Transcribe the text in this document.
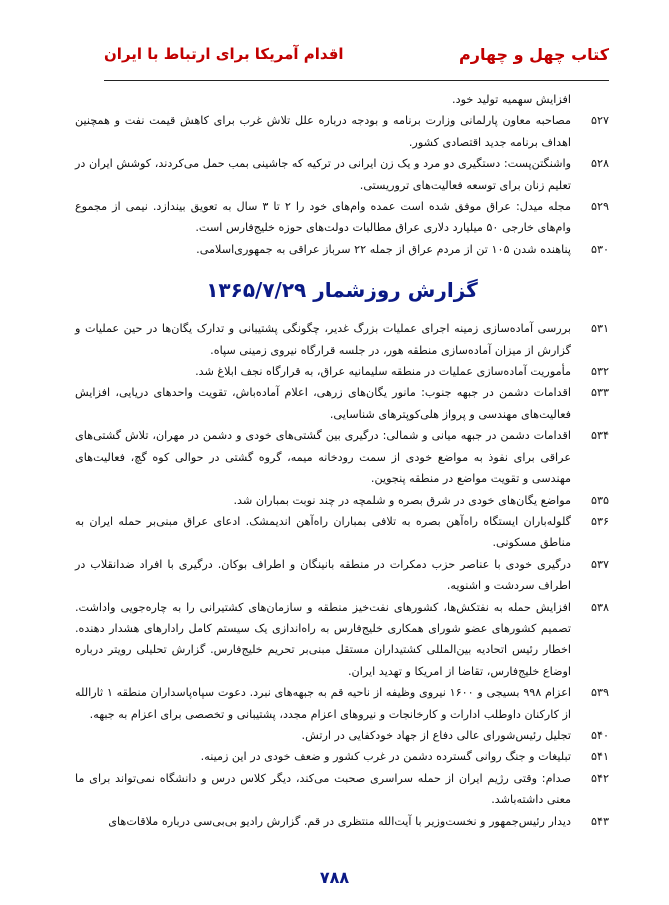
کتاب چهل و چهارم
اقدام آمریکا برای ارتباط با ایران
افزایش سهمیه تولید خود.
۵۲۷
مصاحبه معاون پارلمانی وزارت برنامه و بودجه درباره علل تلاش غرب برای کاهش قیمت نفت و همچنین اهداف برنامه جدید اقتصادی کشور.
۵۲۸
واشنگتن‌پست: دستگیری دو مرد و یک زن ایرانی در ترکیه که جاشینی بمب حمل می‌کردند، کوشش ایران در تعلیم زنان برای توسعه فعالیت‌های تروریستی.
۵۲۹
مجله میدل: عراق موفق شده است عمده وام‌های خود را ۲ تا ۳ سال به تعویق بیندازد. نیمی از مجموع وام‌های خارجی ۵۰ میلیارد دلاری عراق مطالبات دولت‌های حوزه خلیج‌فارس است.
۵۳۰
پناهنده شدن ۱۰۵ تن از مردم عراق از جمله ۲۲ سرباز عراقی به جمهوری‌اسلامی.
گزارش روزشمار ۱۳۶۵/۷/۲۹
۵۳۱
بررسی آماده‌سازی زمینه اجرای عملیات بزرگ غدیر، چگونگی پشتیبانی و تدارک یگان‌ها در حین عملیات و گزارش از میزان آماده‌سازی منطقه هور، در جلسه قرارگاه نیروی زمینی سپاه.
۵۳۲
مأموریت آماده‌سازی عملیات در منطقه سلیمانیه عراق، به قرارگاه نجف ابلاغ شد.
۵۳۳
اقدامات دشمن در جبهه جنوب: مانور یگان‌های زرهی، اعلام آماده‌باش، تقویت واحدهای دریایی، افزایش فعالیت‌های مهندسی و پرواز هلی‌کوپترهای شناسایی.
۵۳۴
اقدامات دشمن در جبهه میانی و شمالی: درگیری بین گشتی‌های خودی و دشمن در مهران، تلاش گشتی‌های عراقی برای نفوذ به مواضع خودی از سمت رودخانه میمه، گروه گشتی در حوالی کوه گچ، فعالیت‌های مهندسی و تقویت مواضع در منطقه پنجوین.
۵۳۵
مواضع یگان‌های خودی در شرق بصره و شلمچه در چند نوبت بمباران شد.
۵۳۶
گلوله‌باران ایستگاه راه‌آهن بصره به تلافی بمباران راه‌آهن اندیمشک. ادعای عراق مبنی‌بر حمله ایران به مناطق مسکونی.
۵۳۷
درگیری خودی با عناصر حزب دمکرات در منطقه بانینگان و اطراف بوکان. درگیری با افراد ضدانقلاب در اطراف سردشت و اشنویه.
۵۳۸
افزایش حمله به نفتکش‌ها، کشورهای نفت‌خیز منطقه و سازمان‌های کشتیرانی را به چاره‌جویی واداشت. تصمیم کشورهای عضو شورای همکاری خلیج‌فارس به راه‌اندازی یک سیستم کامل رادارهای هشدار دهنده. اخطار رئیس اتحادیه بین‌المللی کشتیداران مستقل مبنی‌بر تحریم خلیج‌فارس. گزارش تحلیلی رویتر درباره اوضاع خلیج‌فارس، تقاضا از امریکا و تهدید ایران.
۵۳۹
اعزام ۹۹۸ بسیجی و ۱۶۰۰ نیروی وظیفه از ناحیه قم به جبهه‌های نبرد. دعوت سپاه‌پاسداران منطقه ۱ ثارالله از کارکنان داوطلب ادارات و کارخانجات و نیروهای اعزام مجدد، پشتیبانی و تخصصی برای اعزام به جبهه.
۵۴۰
تجلیل رئیس‌شورای عالی دفاع از جهاد خودکفایی در ارتش.
۵۴۱
تبلیغات و جنگ روانی گسترده دشمن در غرب کشور و ضعف خودی در این زمینه.
۵۴۲
صدام: وقتی رژیم ایران از حمله سراسری صحبت می‌کند، دیگر کلاس درس و دانشگاه نمی‌تواند برای ما معنی داشته‌باشد.
۵۴۳
دیدار رئیس‌جمهور و نخست‌وزیر با آیت‌الله منتظری در قم. گزارش رادیو بی‌بی‌سی درباره ملاقات‌های
۷۸۸
